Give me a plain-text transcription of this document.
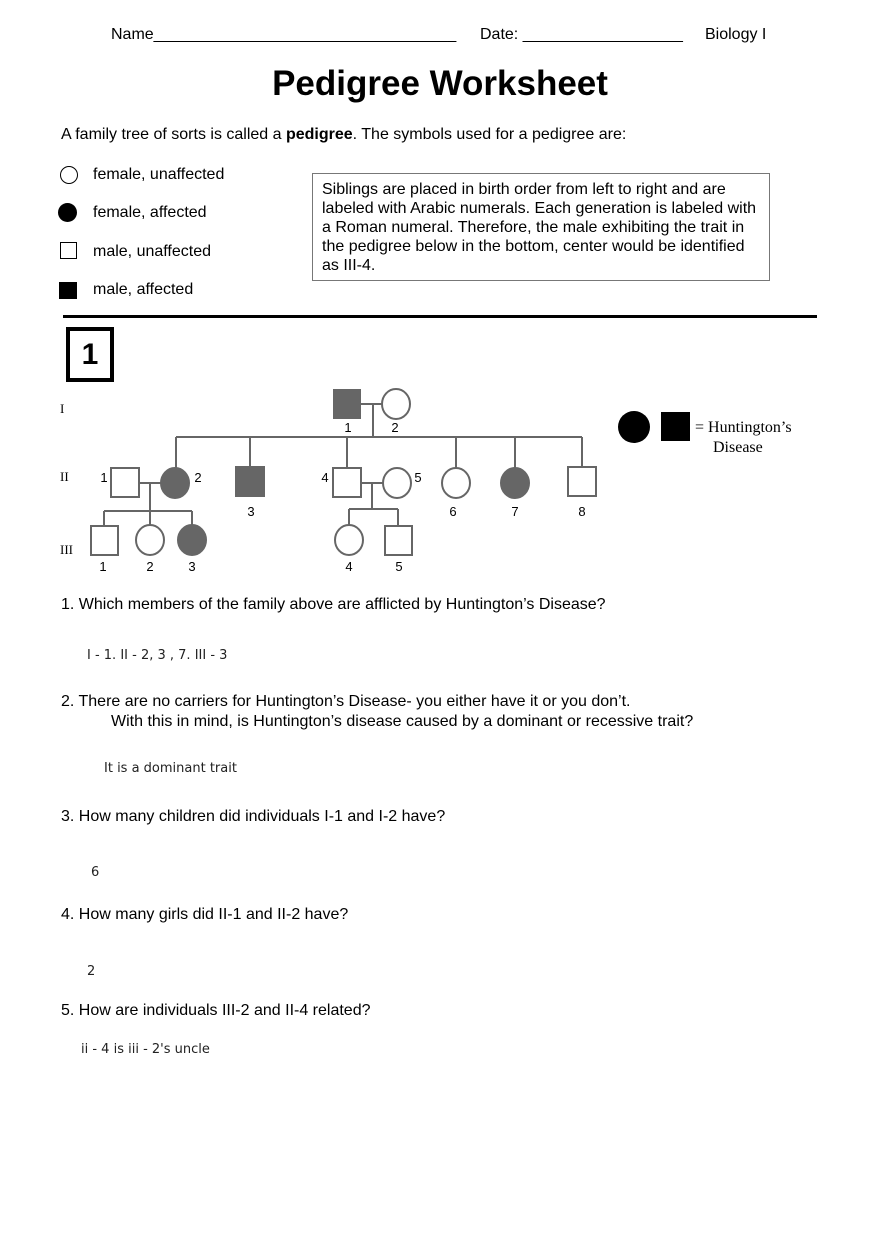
Name__________________________________ Date: __________________ Biology I
Pedigree Worksheet
A family tree of sorts is called a pedigree. The symbols used for a pedigree are:
female, unaffected
female, affected
male, unaffected
male, affected
Siblings are placed in birth order from left to right and are labeled with Arabic numerals. Each generation is labeled with a Roman numeral. Therefore, the male exhibiting the trait in the pedigree below in the bottom, center would be identified as III-4.
1
I
II
III
1	2
1	2
3
4	5
6	7	8
1	2	3	4	5
= Huntington’s
Disease
1. Which members of the family above are afflicted by Huntington’s Disease?
I - 1. II - 2, 3 , 7. III - 3
2. There are no carriers for Huntington’s Disease- you either have it or you don’t.
With this in mind, is Huntington’s disease caused by a dominant or recessive trait?
It is a dominant trait
3. How many children did individuals I-1 and I-2 have?
6
4. How many girls did II-1 and II-2 have?
2
5. How are individuals III-2 and II-4 related?
ii - 4 is iii - 2's uncle
